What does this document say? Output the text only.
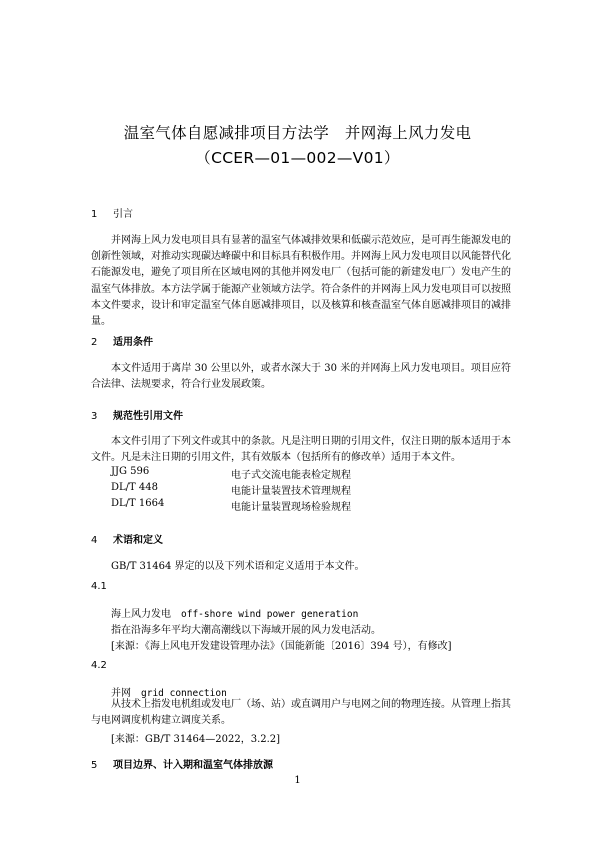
温室气体自愿减排项目方法学　并网海上风力发电
（CCER—01—002—V01）
1 引言
并网海上风力发电项目具有显著的温室气体减排效果和低碳示范效应，是可再生能源发电的创新性领域，对推动实现碳达峰碳中和目标具有积极作用。并网海上风力发电项目以风能替代化石能源发电，避免了项目所在区域电网的其他并网发电厂（包括可能的新建发电厂）发电产生的温室气体排放。本方法学属于能源产业领域方法学。符合条件的并网海上风力发电项目可以按照本文件要求，设计和审定温室气体自愿减排项目，以及核算和核查温室气体自愿减排项目的减排量。
2 适用条件
本文件适用于离岸 30 公里以外，或者水深大于 30 米的并网海上风力发电项目。项目应符合法律、法规要求，符合行业发展政策。
3 规范性引用文件
本文件引用了下列文件或其中的条款。凡是注明日期的引用文件，仅注日期的版本适用于本文件。凡是未注日期的引用文件，其有效版本（包括所有的修改单）适用于本文件。
JJG 596	电子式交流电能表检定规程
DL/T 448	电能计量装置技术管理规程
DL/T 1664	电能计量装置现场检验规程
4 术语和定义
GB/T 31464 界定的以及下列术语和定义适用于本文件。
4.1
海上风力发电 off-shore wind power generation
指在沿海多年平均大潮高潮线以下海域开展的风力发电活动。
[来源：《海上风电开发建设管理办法》（国能新能〔2016〕394 号），有修改]
4.2
并网 grid connection
从技术上指发电机组或发电厂（场、站）或直调用户与电网之间的物理连接。从管理上指其与电网调度机构建立调度关系。
[来源：GB/T 31464—2022，3.2.2]
5 项目边界、计入期和温室气体排放源
1
